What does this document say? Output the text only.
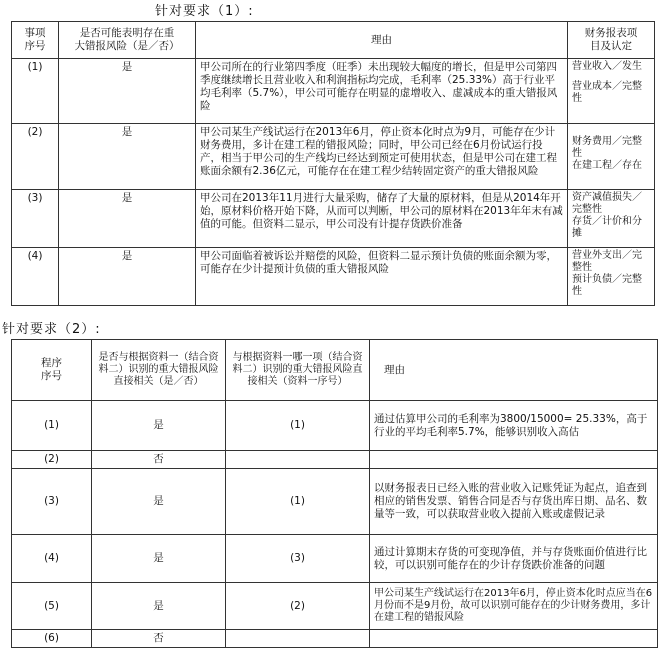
针对要求（1）:
事项
序号	是否可能表明存在重
大错报风险（是／否）	理由	财务报表项
目及认定
(1)	是	甲公司所在的行业第四季度（旺季）未出现较大幅度的增长，但是甲公司第四季度继续增长且营业收入和利润指标均完成，毛利率（25.33%）高于行业平均毛利率（5.7%），甲公司可能存在明显的虚增收入、虚减成本的重大错报风险	营业收入／发生
营业成本／完整性

(2)	是	甲公司某生产线试运行在2013年6月，停止资本化时点为9月，可能存在少计财务费用，多计在建工程的错报风险；同时，甲公司已经在6月份试运行投产，相当于甲公司的生产线均已经达到预定可使用状态，但是甲公司在建工程账面余额有2.36亿元，可能存在在建工程少结转固定资产的重大错报风险	财务费用／完整性
在建工程／存在

(3)	是	甲公司在2013年11月进行大量采购，储存了大量的原材料，但是从2014年开始，原材料价格开始下降，从而可以判断，甲公司的原材料在2013年年末有减值的可能。但资料二显示，甲公司没有计提存货跌价准备	资产减值损失／完整性
存货／计价和分摊

(4)	是	甲公司面临着被诉讼并赔偿的风险，但资料二显示预计负债的账面余额为零，可能存在少计提预计负债的重大错报风险	营业外支出／完整性
预计负债／完整性
针对要求（2）:
程序
序号	是否与根据资料一（结合资料二）识别的重大错报风险直接相关（是／否）	与根据资料一哪一项（结合资料二）识别的重大错报风险直接相关（资料一序号）	理由
(1)	是	(1)	通过估算甲公司的毛利率为3800/15000= 25.33%，高于行业的平均毛利率5.7%，能够识别收入高估
(2)	否		
(3)	是	(1)	以财务报表日已经入账的营业收入记账凭证为起点，追查到相应的销售发票、销售合同是否与存货出库日期、品名、数量等一致，可以获取营业收入提前入账或虚假记录
(4)	是	(3)	通过计算期末存货的可变现净值，并与存货账面价值进行比较，可以识别可能存在的少计存货跌价准备的问题
(5)	是	(2)	甲公司某生产线试运行在2013年6月，停止资本化时点应当在6月份而不是9月份，故可以识别可能存在的少计财务费用，多计在建工程的错报风险
(6)	否		
